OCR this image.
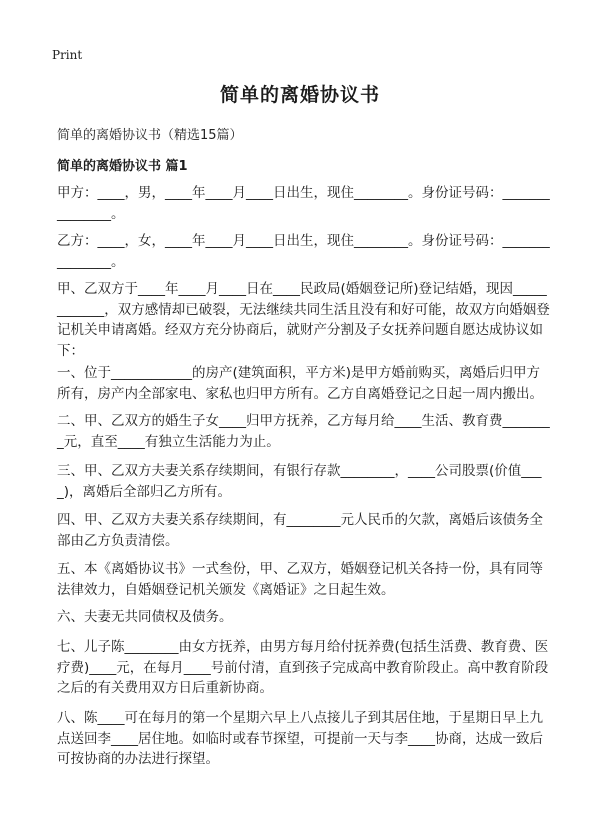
Print
简单的离婚协议书
简单的离婚协议书（精选15篇）
简单的离婚协议书 篇1
甲方：____，男，____年____月____日出生，现住________。身份证号码：_______________。
乙方：____，女，____年____月____日出生，现住________。身份证号码：_______________。
甲、乙双方于____年____月____日在____民政局(婚姻登记所)登记结婚，现因____________，双方感情却已破裂，无法继续共同生活且没有和好可能，故双方向婚姻登记机关申请离婚。经双方充分协商后，就财产分割及子女抚养问题自愿达成协议如下：
一、位于____________的房产(建筑面积，平方米)是甲方婚前购买，离婚后归甲方所有，房产内全部家电、家私也归甲方所有。乙方自离婚登记之日起一周内搬出。
二、甲、乙双方的婚生子女____归甲方抚养，乙方每月给____生活、教育费________元，直至____有独立生活能力为止。
三、甲、乙双方夫妻关系存续期间，有银行存款________，____公司股票(价值____)，离婚后全部归乙方所有。
四、甲、乙双方夫妻关系存续期间，有________元人民币的欠款，离婚后该债务全部由乙方负责清偿。
五、本《离婚协议书》一式叁份，甲、乙双方，婚姻登记机关各持一份，具有同等法律效力，自婚姻登记机关颁发《离婚证》之日起生效。
六、夫妻无共同债权及债务。
七、儿子陈________由女方抚养，由男方每月给付抚养费(包括生活费、教育费、医疗费)____元，在每月____号前付清，直到孩子完成高中教育阶段止。高中教育阶段之后的有关费用双方日后重新协商。
八、陈____可在每月的第一个星期六早上八点接儿子到其居住地，于星期日早上九点送回李____居住地。如临时或春节探望，可提前一天与李____协商，达成一致后可按协商的办法进行探望。
